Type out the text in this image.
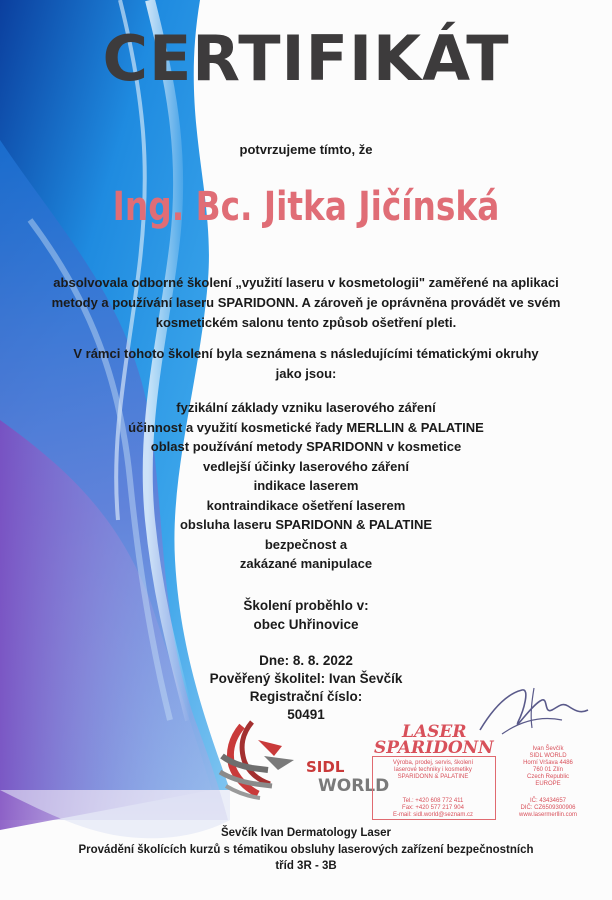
CERTIFIKÁT
potvrzujeme tímto, že
Ing. Bc. Jitka Jičínská
absolvovala odborné školení „využití laseru v kosmetologii" zaměřené na aplikaci
metody a používání laseru SPARIDONN. A zároveň je oprávněna provádět ve svém
kosmetickém salonu tento způsob ošetření pleti.
V rámci tohoto školení byla seznámena s následujícími tématickými okruhy
jako jsou:
fyzikální základy vzniku laserového záření
účinnost a využití kosmetické řady MERLLIN & PALATINE
oblast používání metody SPARIDONN v kosmetice
vedlejší účinky laserového záření
indikace laserem
kontraindikace ošetření laserem
obsluha laseru SPARIDONN & PALATINE
bezpečnost a
zakázané manipulace
Školení proběhlo v:
obec Uhřinovice
Dne: 8. 8. 2022
Pověřený školitel: Ivan Ševčík
Registrační číslo:
50491
SIDL
WORLD
LASER
SPARIDONN
Výroba, prodej, servis, školení
laserové techniky i kosmetiky
SPARIDONN & PALATINE
Tel.: +420 608 772 411
Fax: +420 577 217 904
E-mail: sidl.world@seznam.cz
Ivan Ševčík
SIDL WORLD
Horní Vršava 4486
760 01 Zlín
Czech Republic
EUROPE
IČ: 43434657
DIČ: CZ6509300906
www.lasermerllin.com
Ševčík Ivan Dermatology Laser
Provádění školících kurzů s tématikou obsluhy laserových zařízení bezpečnostních
tříd 3R - 3B
